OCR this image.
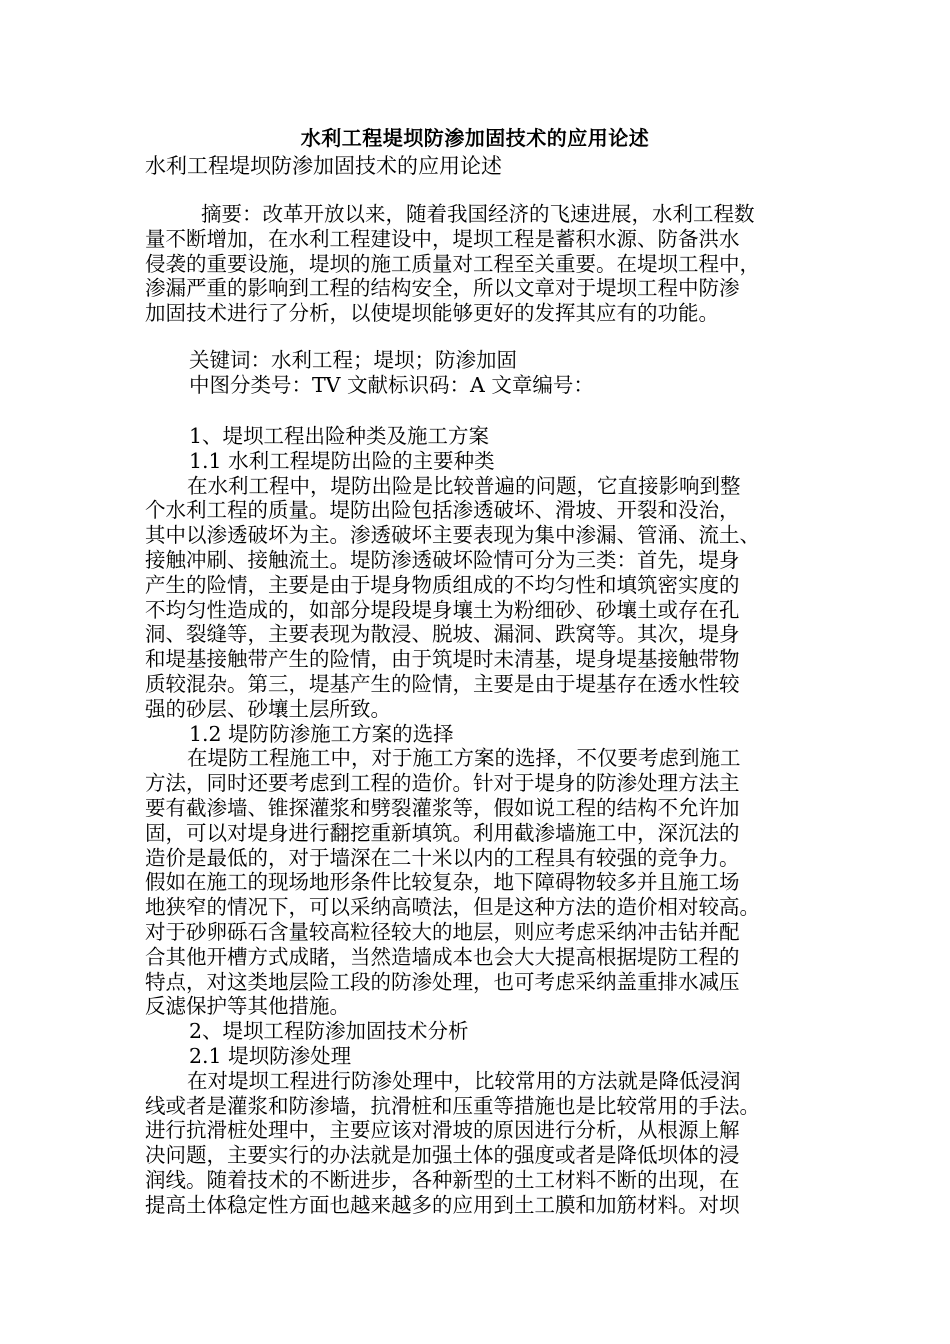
水利工程堤坝防渗加固技术的应用论述
水利工程堤坝防渗加固技术的应用论述
摘要：改革开放以来，随着我国经济的飞速进展，水利工程数
量不断增加，在水利工程建设中，堤坝工程是蓄积水源、防备洪水
侵袭的重要设施，堤坝的施工质量对工程至关重要。在堤坝工程中，
渗漏严重的影响到工程的结构安全，所以文章对于堤坝工程中防渗
加固技术进行了分析，以使堤坝能够更好的发挥其应有的功能。
关键词：水利工程；堤坝；防渗加固
中图分类号：TV 文献标识码：A 文章编号：
1、堤坝工程出险种类及施工方案
1.1 水利工程堤防出险的主要种类
在水利工程中，堤防出险是比较普遍的问题，它直接影响到整
个水利工程的质量。堤防出险包括渗透破坏、滑坡、开裂和没治，
其中以渗透破坏为主。渗透破坏主要表现为集中渗漏、管涌、流土、
接触冲刷、接触流土。堤防渗透破坏险情可分为三类：首先，堤身
产生的险情，主要是由于堤身物质组成的不均匀性和填筑密实度的
不均匀性造成的，如部分堤段堤身壤土为粉细砂、砂壤土或存在孔
洞、裂缝等，主要表现为散浸、脱坡、漏洞、跌窝等。其次，堤身
和堤基接触带产生的险情，由于筑堤时未清基，堤身堤基接触带物
质较混杂。第三，堤基产生的险情，主要是由于堤基存在透水性较
强的砂层、砂壤土层所致。
1.2 堤防防渗施工方案的选择
在堤防工程施工中，对于施工方案的选择，不仅要考虑到施工
方法，同时还要考虑到工程的造价。针对于堤身的防渗处理方法主
要有截渗墙、锥探灌浆和劈裂灌浆等，假如说工程的结构不允许加
固，可以对堤身进行翻挖重新填筑。利用截渗墙施工中，深沉法的
造价是最低的，对于墙深在二十米以内的工程具有较强的竞争力。
假如在施工的现场地形条件比较复杂，地下障碍物较多并且施工场
地狭窄的情况下，可以采纳高喷法，但是这种方法的造价相对较高。
对于砂卵砾石含量较高粒径较大的地层，则应考虑采纳冲击钻并配
合其他开槽方式成睹，当然造墙成本也会大大提高根据堤防工程的
特点，对这类地层险工段的防渗处理，也可考虑采纳盖重排水减压
反滤保护等其他措施。
2、堤坝工程防渗加固技术分析
2.1 堤坝防渗处理
在对堤坝工程进行防渗处理中，比较常用的方法就是降低浸润
线或者是灌浆和防渗墙，抗滑桩和压重等措施也是比较常用的手法。
进行抗滑桩处理中，主要应该对滑坡的原因进行分析，从根源上解
决问题，主要实行的办法就是加强土体的强度或者是降低坝体的浸
润线。随着技术的不断进步，各种新型的土工材料不断的出现，在
提高土体稳定性方面也越来越多的应用到土工膜和加筋材料。对坝
